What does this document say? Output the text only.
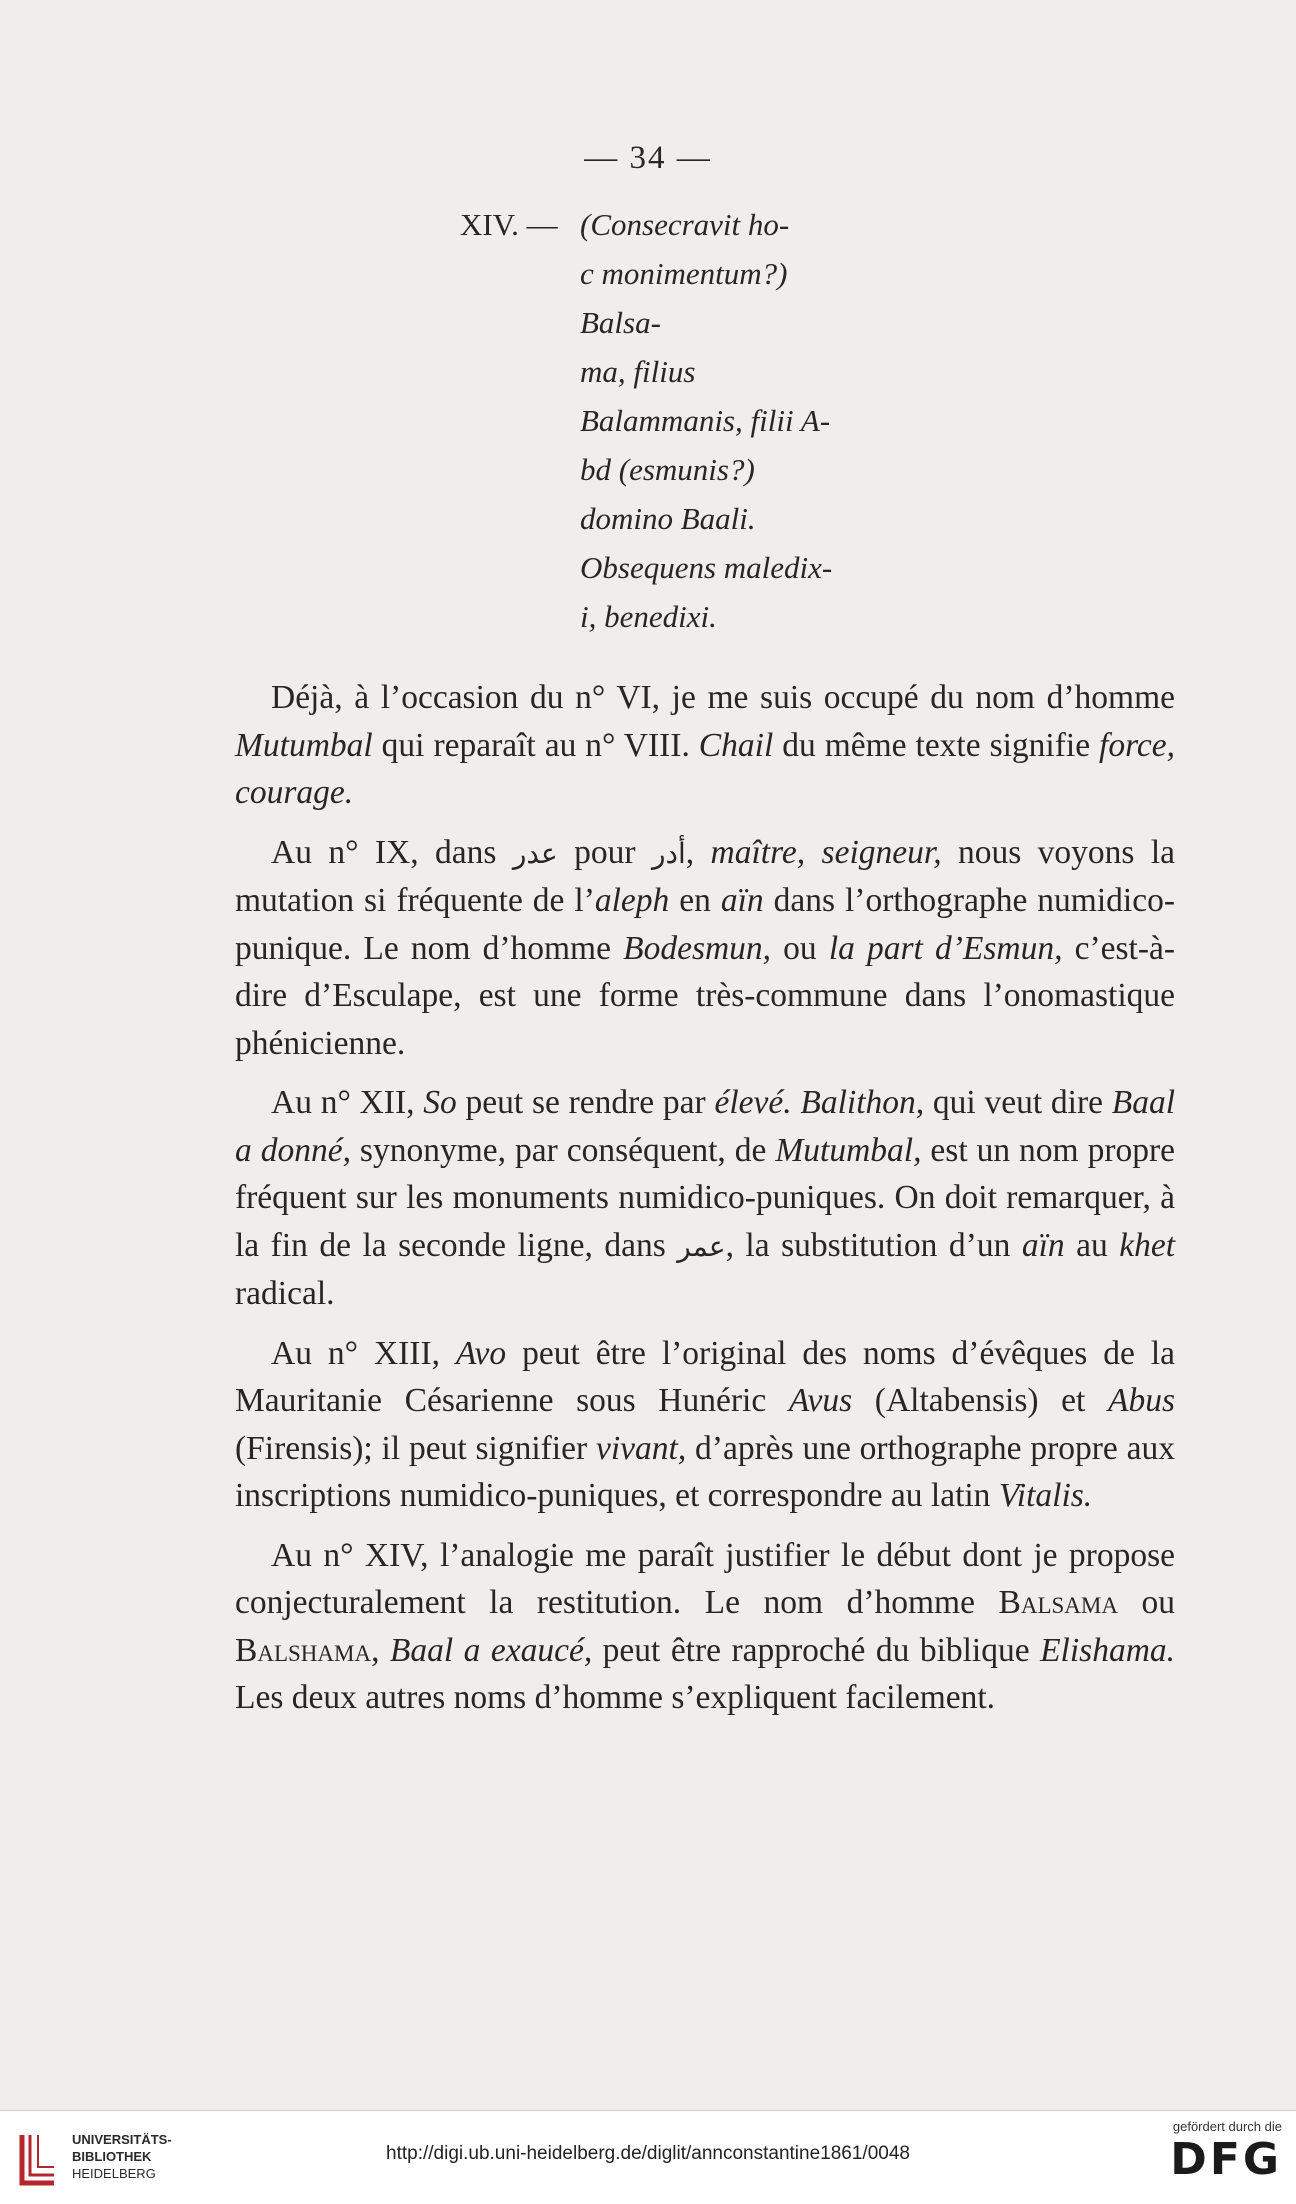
— 34 —
XIV. — (Consecravit ho-
c monimentum?)
Balsa-
ma, filius
Balammanis, filii A-
bd (esmunis?)
domino Baali.
Obsequens maledix-
i, benedixi.

Déjà, à l’occasion du n° VI, je me suis occupé du nom d’homme Mutumbal qui reparaît au n° VIII. Chail du même texte signifie force, courage.

Au n° IX, dans عدر pour أدر, maître, seigneur, nous voyons la mutation si fréquente de l’aleph en aïn dans l’orthographe numidico-punique. Le nom d’homme Bodesmun, ou la part d’Esmun, c’est-à-dire d’Esculape, est une forme très-commune dans l’onomastique phénicienne.

Au n° XII, So peut se rendre par élevé. Balithon, qui veut dire Baal a donné, synonyme, par conséquent, de Mutumbal, est un nom propre fréquent sur les monuments numidico-puniques. On doit remarquer, à la fin de la seconde ligne, dans عمر, la substitution d’un aïn au khet radical.

Au n° XIII, Avo peut être l’original des noms d’évêques de la Mauritanie Césarienne sous Hunéric Avus (Altabensis) et Abus (Firensis); il peut signifier vivant, d’après une orthographe propre aux inscriptions numidico-puniques, et correspondre au latin Vitalis.

Au n° XIV, l’analogie me paraît justifier le début dont je propose conjecturalement la restitution. Le nom d’homme Balsama ou Balshama, Baal a exaucé, peut être rapproché du biblique Elishama. Les deux autres noms d’homme s’expliquent facilement.

UNIVERSITÄTS-
BIBLIOTHEK
HEIDELBERG
http://digi.ub.uni-heidelberg.de/diglit/annconstantine1861/0048
gefördert durch die
DFG
